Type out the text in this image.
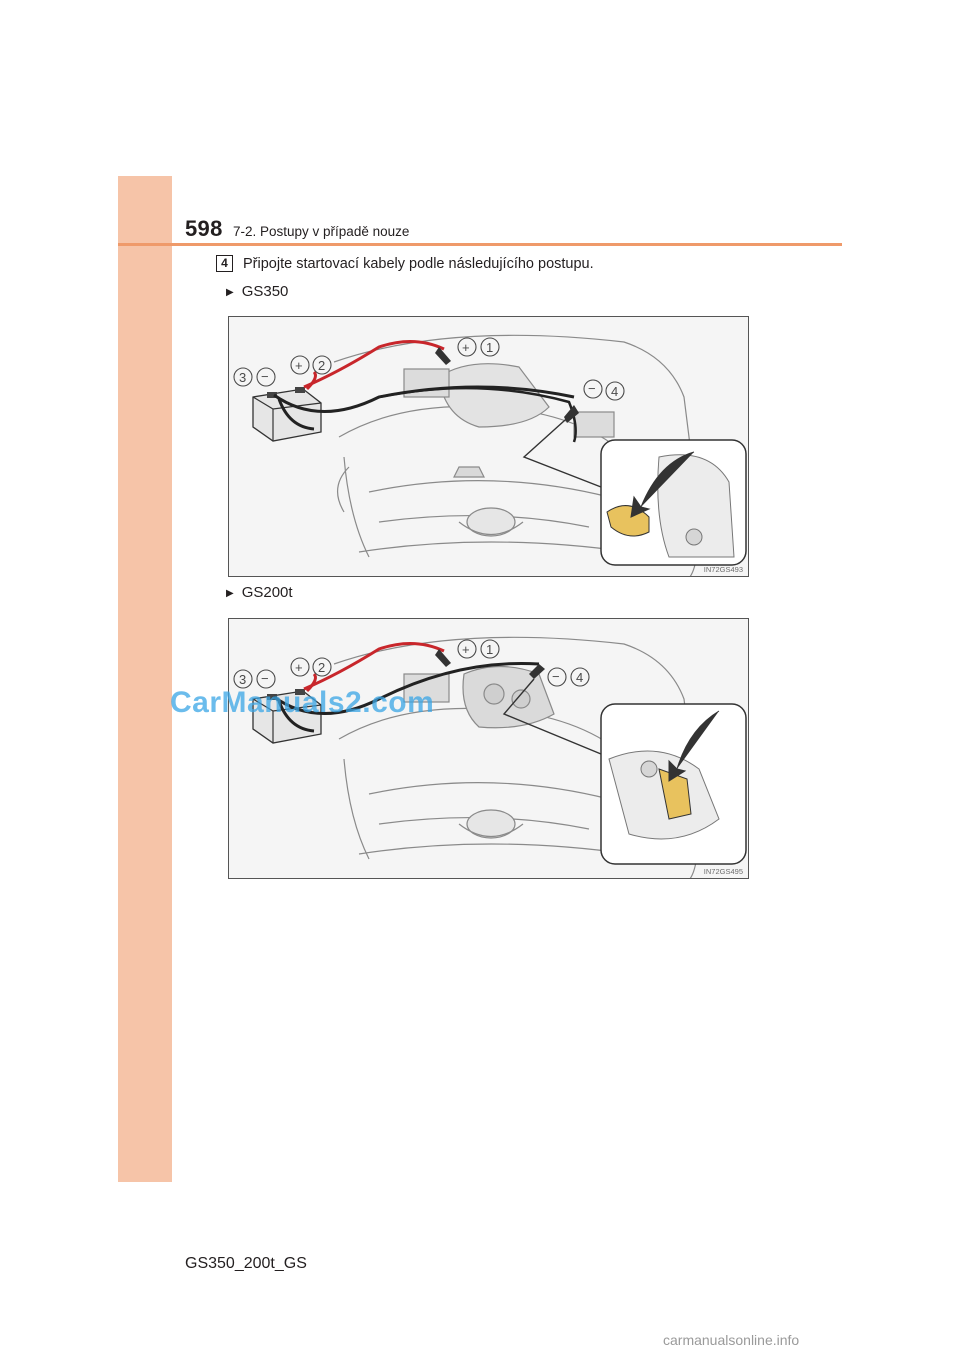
598 7-2. Postupy v případě nouze
4	Připojte startovací kabely podle následujícího postupu.
▶ GS350
+ 1
+ 2
3 −
− 4
IN72GS493
▶ GS200t
+ 1
+ 2
3 −	− 4
IN72GS495
CarManuals2.com
GS350_200t_GS
carmanualsonline.info
